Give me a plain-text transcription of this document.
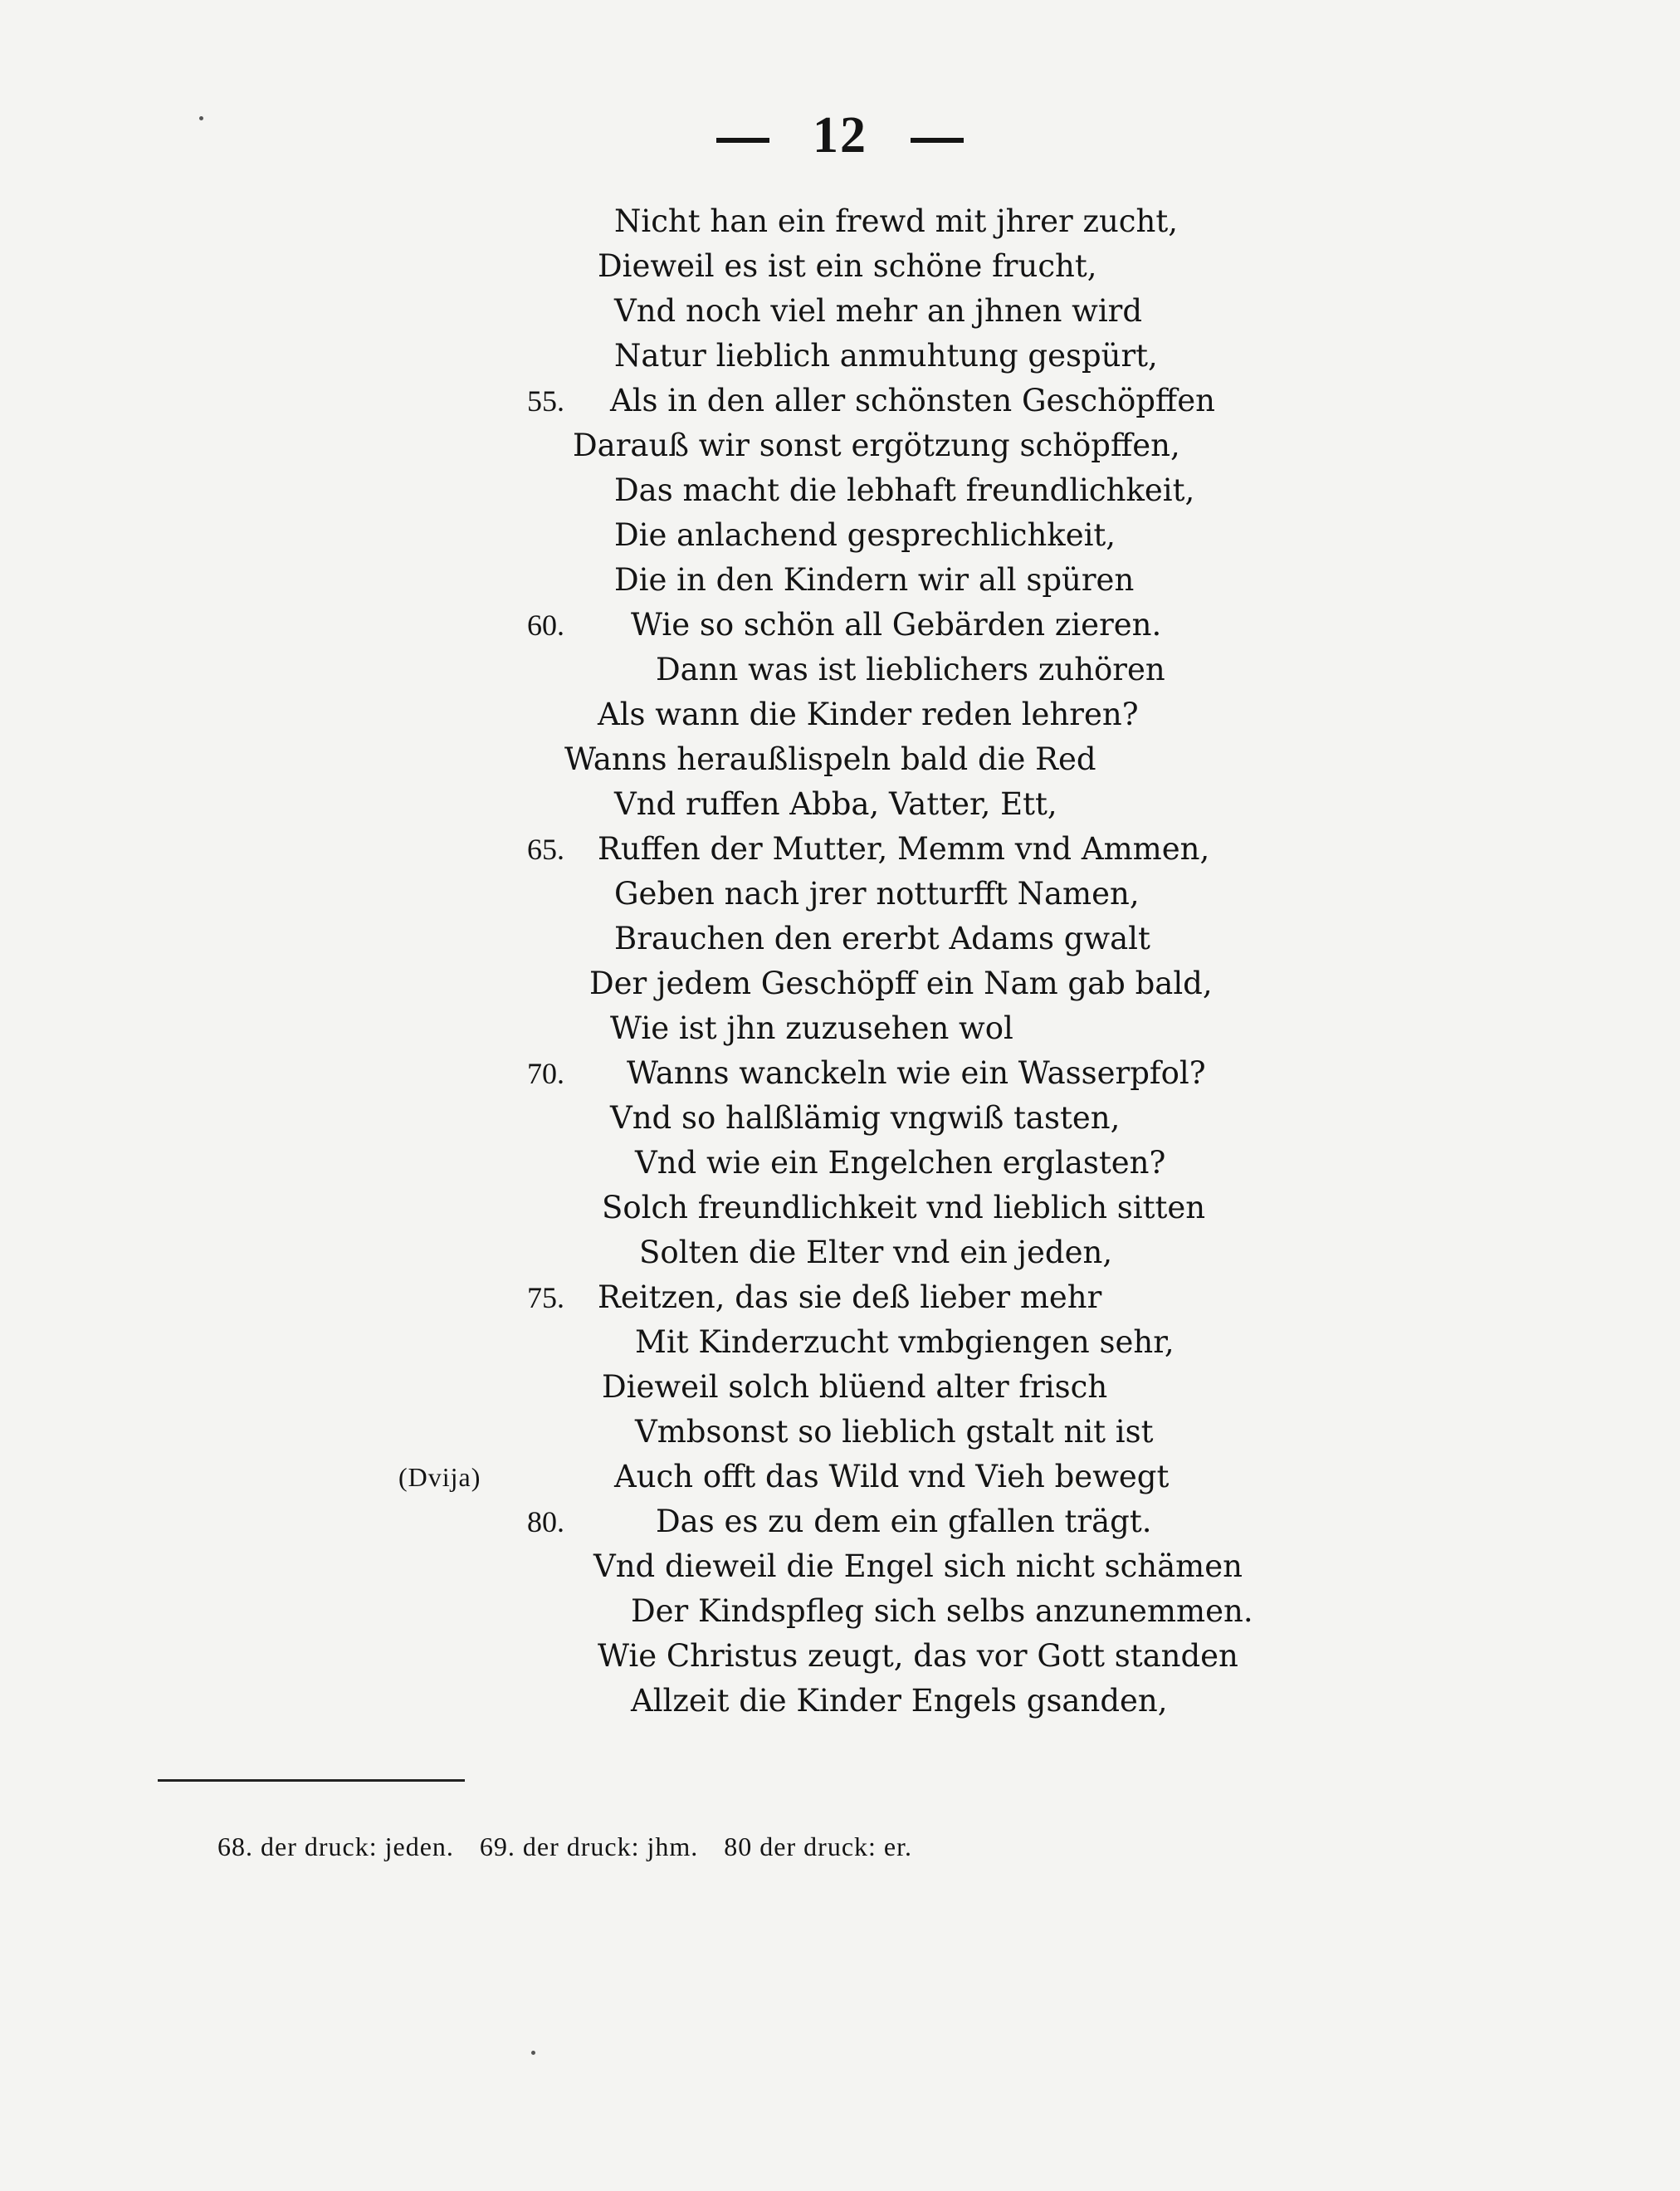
12
Nicht han ein frewd mit jhrer zucht,
Dieweil es ist ein schöne frucht,
Vnd noch viel mehr an jhnen wird
Natur lieblich anmuhtung gespürt,
55. Als in den aller schönsten Geschöpffen
Darauß wir sonst ergötzung schöpffen,
Das macht die lebhaft freundlichkeit,
Die anlachend gesprechlichkeit,
Die in den Kindern wir all spüren
60. Wie so schön all Gebärden zieren.
Dann was ist lieblichers zuhören
Als wann die Kinder reden lehren?
Wanns heraußlispeln bald die Red
Vnd ruffen Abba, Vatter, Ett,
65. Ruffen der Mutter, Memm vnd Ammen,
Geben nach jrer notturfft Namen,
Brauchen den ererbt Adams gwalt
Der jedem Geschöpff ein Nam gab bald,
Wie ist jhn zuzusehen wol
70. Wanns wanckeln wie ein Wasserpfol?
Vnd so halßlämig vngwiß tasten,
Vnd wie ein Engelchen erglasten?
Solch freundlichkeit vnd lieblich sitten
Solten die Elter vnd ein jeden,
75. Reitzen, das sie deß lieber mehr
Mit Kinderzucht vmbgiengen sehr,
Dieweil solch blüend alter frisch
Vmbsonst so lieblich gstalt nit ist
(Dvija)	Auch offt das Wild vnd Vieh bewegt
80.	Das es zu dem ein gfallen trägt.
Vnd dieweil die Engel sich nicht schämen
Der Kindspfleg sich selbs anzunemmen.
Wie Christus zeugt, das vor Gott standen
Allzeit die Kinder Engels gsanden,
68. der druck: jeden. 69. der druck: jhm. 80 der druck: er.
